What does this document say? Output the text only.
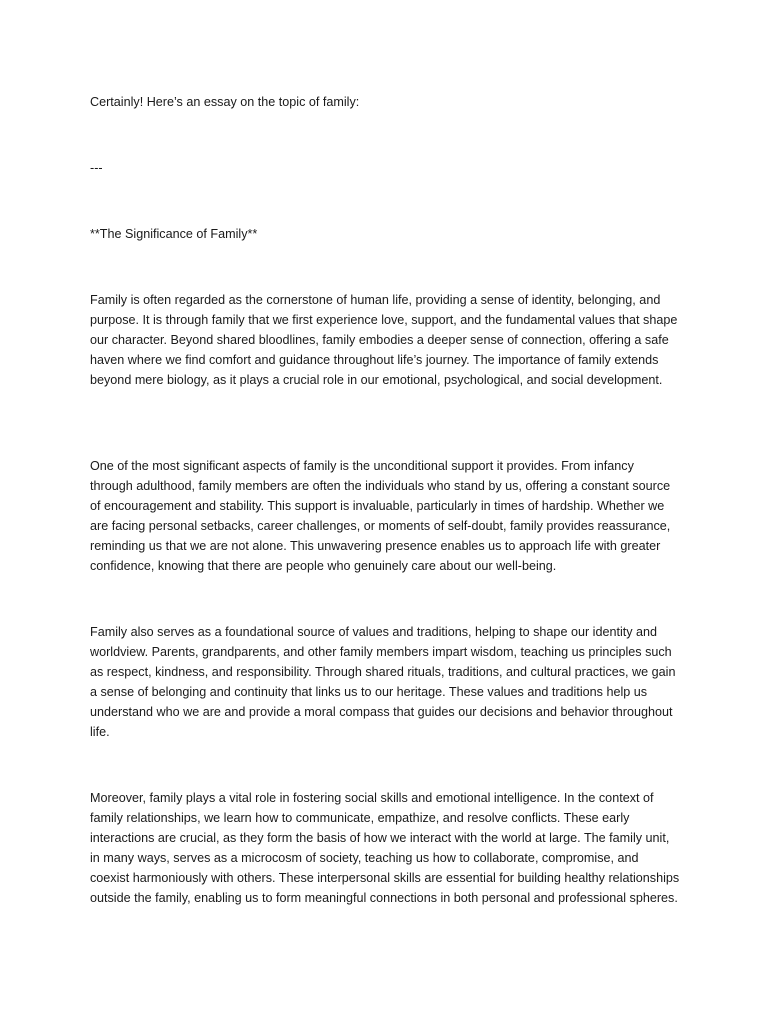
Certainly! Here’s an essay on the topic of family:

---

**The Significance of Family**

Family is often regarded as the cornerstone of human life, providing a sense of identity, belonging, and purpose. It is through family that we first experience love, support, and the fundamental values that shape our character. Beyond shared bloodlines, family embodies a deeper sense of connection, offering a safe haven where we find comfort and guidance throughout life’s journey. The importance of family extends beyond mere biology, as it plays a crucial role in our emotional, psychological, and social development.

One of the most significant aspects of family is the unconditional support it provides. From infancy through adulthood, family members are often the individuals who stand by us, offering a constant source of encouragement and stability. This support is invaluable, particularly in times of hardship. Whether we are facing personal setbacks, career challenges, or moments of self-doubt, family provides reassurance, reminding us that we are not alone. This unwavering presence enables us to approach life with greater confidence, knowing that there are people who genuinely care about our well-being.

Family also serves as a foundational source of values and traditions, helping to shape our identity and worldview. Parents, grandparents, and other family members impart wisdom, teaching us principles such as respect, kindness, and responsibility. Through shared rituals, traditions, and cultural practices, we gain a sense of belonging and continuity that links us to our heritage. These values and traditions help us understand who we are and provide a moral compass that guides our decisions and behavior throughout life.

Moreover, family plays a vital role in fostering social skills and emotional intelligence. In the context of family relationships, we learn how to communicate, empathize, and resolve conflicts. These early interactions are crucial, as they form the basis of how we interact with the world at large. The family unit, in many ways, serves as a microcosm of society, teaching us how to collaborate, compromise, and coexist harmoniously with others. These interpersonal skills are essential for building healthy relationships outside the family, enabling us to form meaningful connections in both personal and professional spheres.
